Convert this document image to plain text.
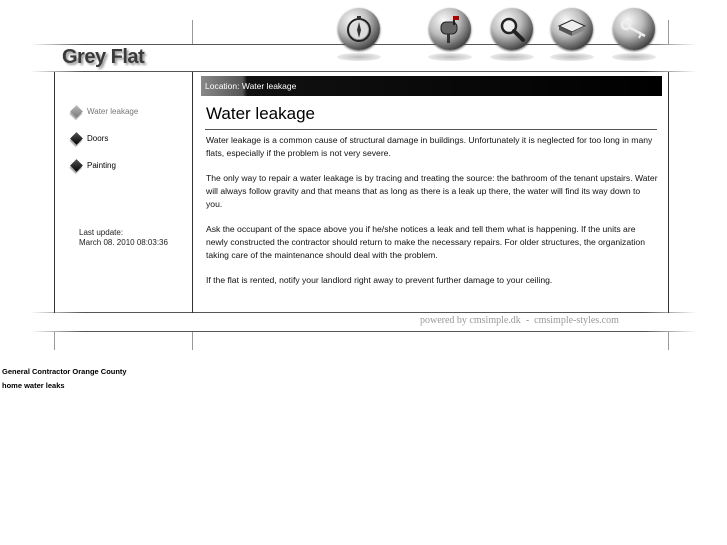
Grey Flat
Water leakage
Doors
Painting
Last update:
March 08. 2010 08:03:36
Location: Water leakage
Water leakage

Water leakage is a common cause of structural damage in buildings. Unfortunately it is neglected for too long in many flats, especially if the problem is not very severe.

The only way to repair a water leakage is by tracing and treating the source: the bathroom of the tenant upstairs. Water will always follow gravity and that means that as long as there is a leak up there, the water will find its way down to you.

Ask the occupant of the space above you if he/she notices a leak and tell them what is happening. If the units are newly constructed the contractor should return to make the necessary repairs. For older structures, the organization taking care of the maintenance should deal with the problem.

If the flat is rented, notify your landlord right away to prevent further damage to your ceiling.

powered by cmsimple.dk - cmsimple-styles.com
General Contractor Orange County
home water leaks
